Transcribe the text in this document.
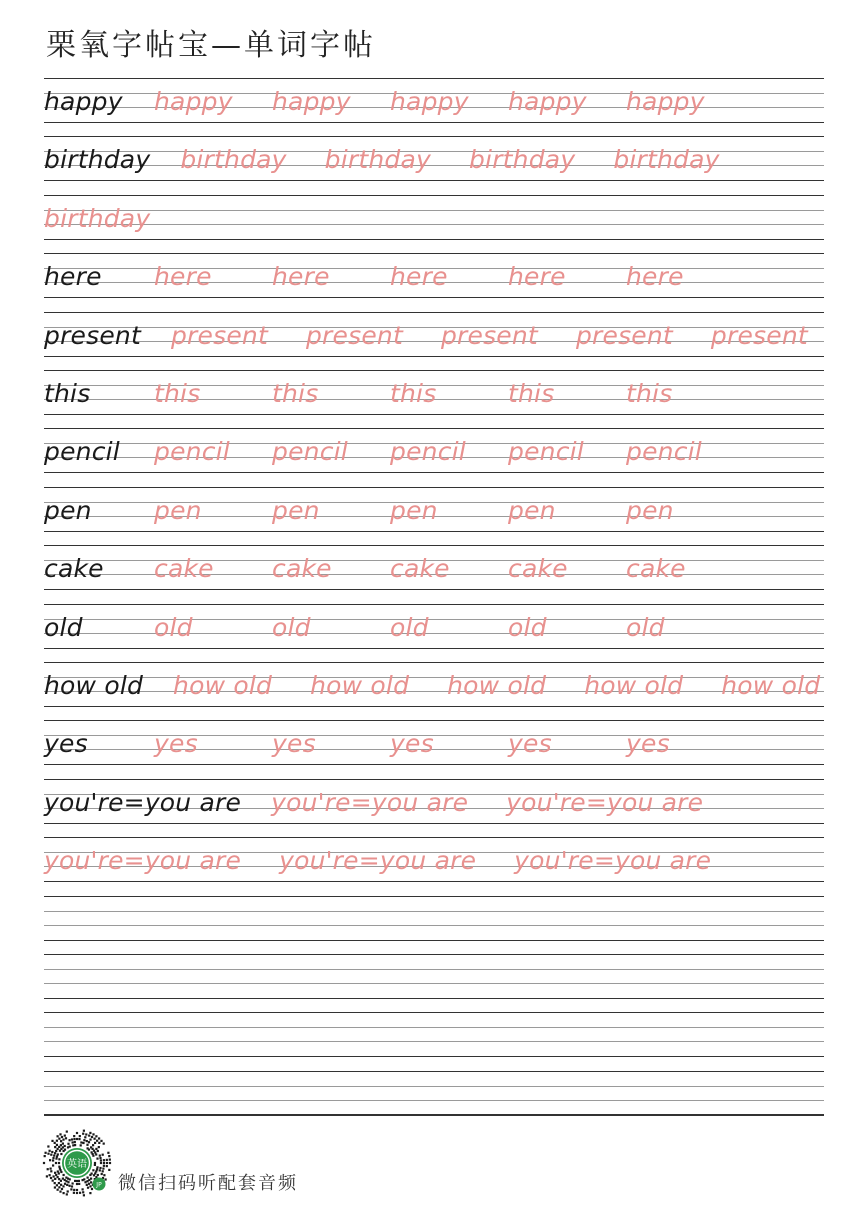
栗氧字帖宝—单词字帖
happy happy happy happy happy happy
birthday birthday birthday birthday birthday
birthday
here here here here here here
present present present present present present
this	this	this	this	this	this
pencil pencil pencil pencil pencil pencil
pen pen	pen	pen	pen	pen
cake cake cake cake cake cake
old	old	old	old	old	old
how old how old how old how old how old how old
yes	yes	yes	yes	yes	yes
you're=you are you're=you are you're=you are
you're=you are you're=you are you're=you are
英语
JP 微信扫码听配套音频
